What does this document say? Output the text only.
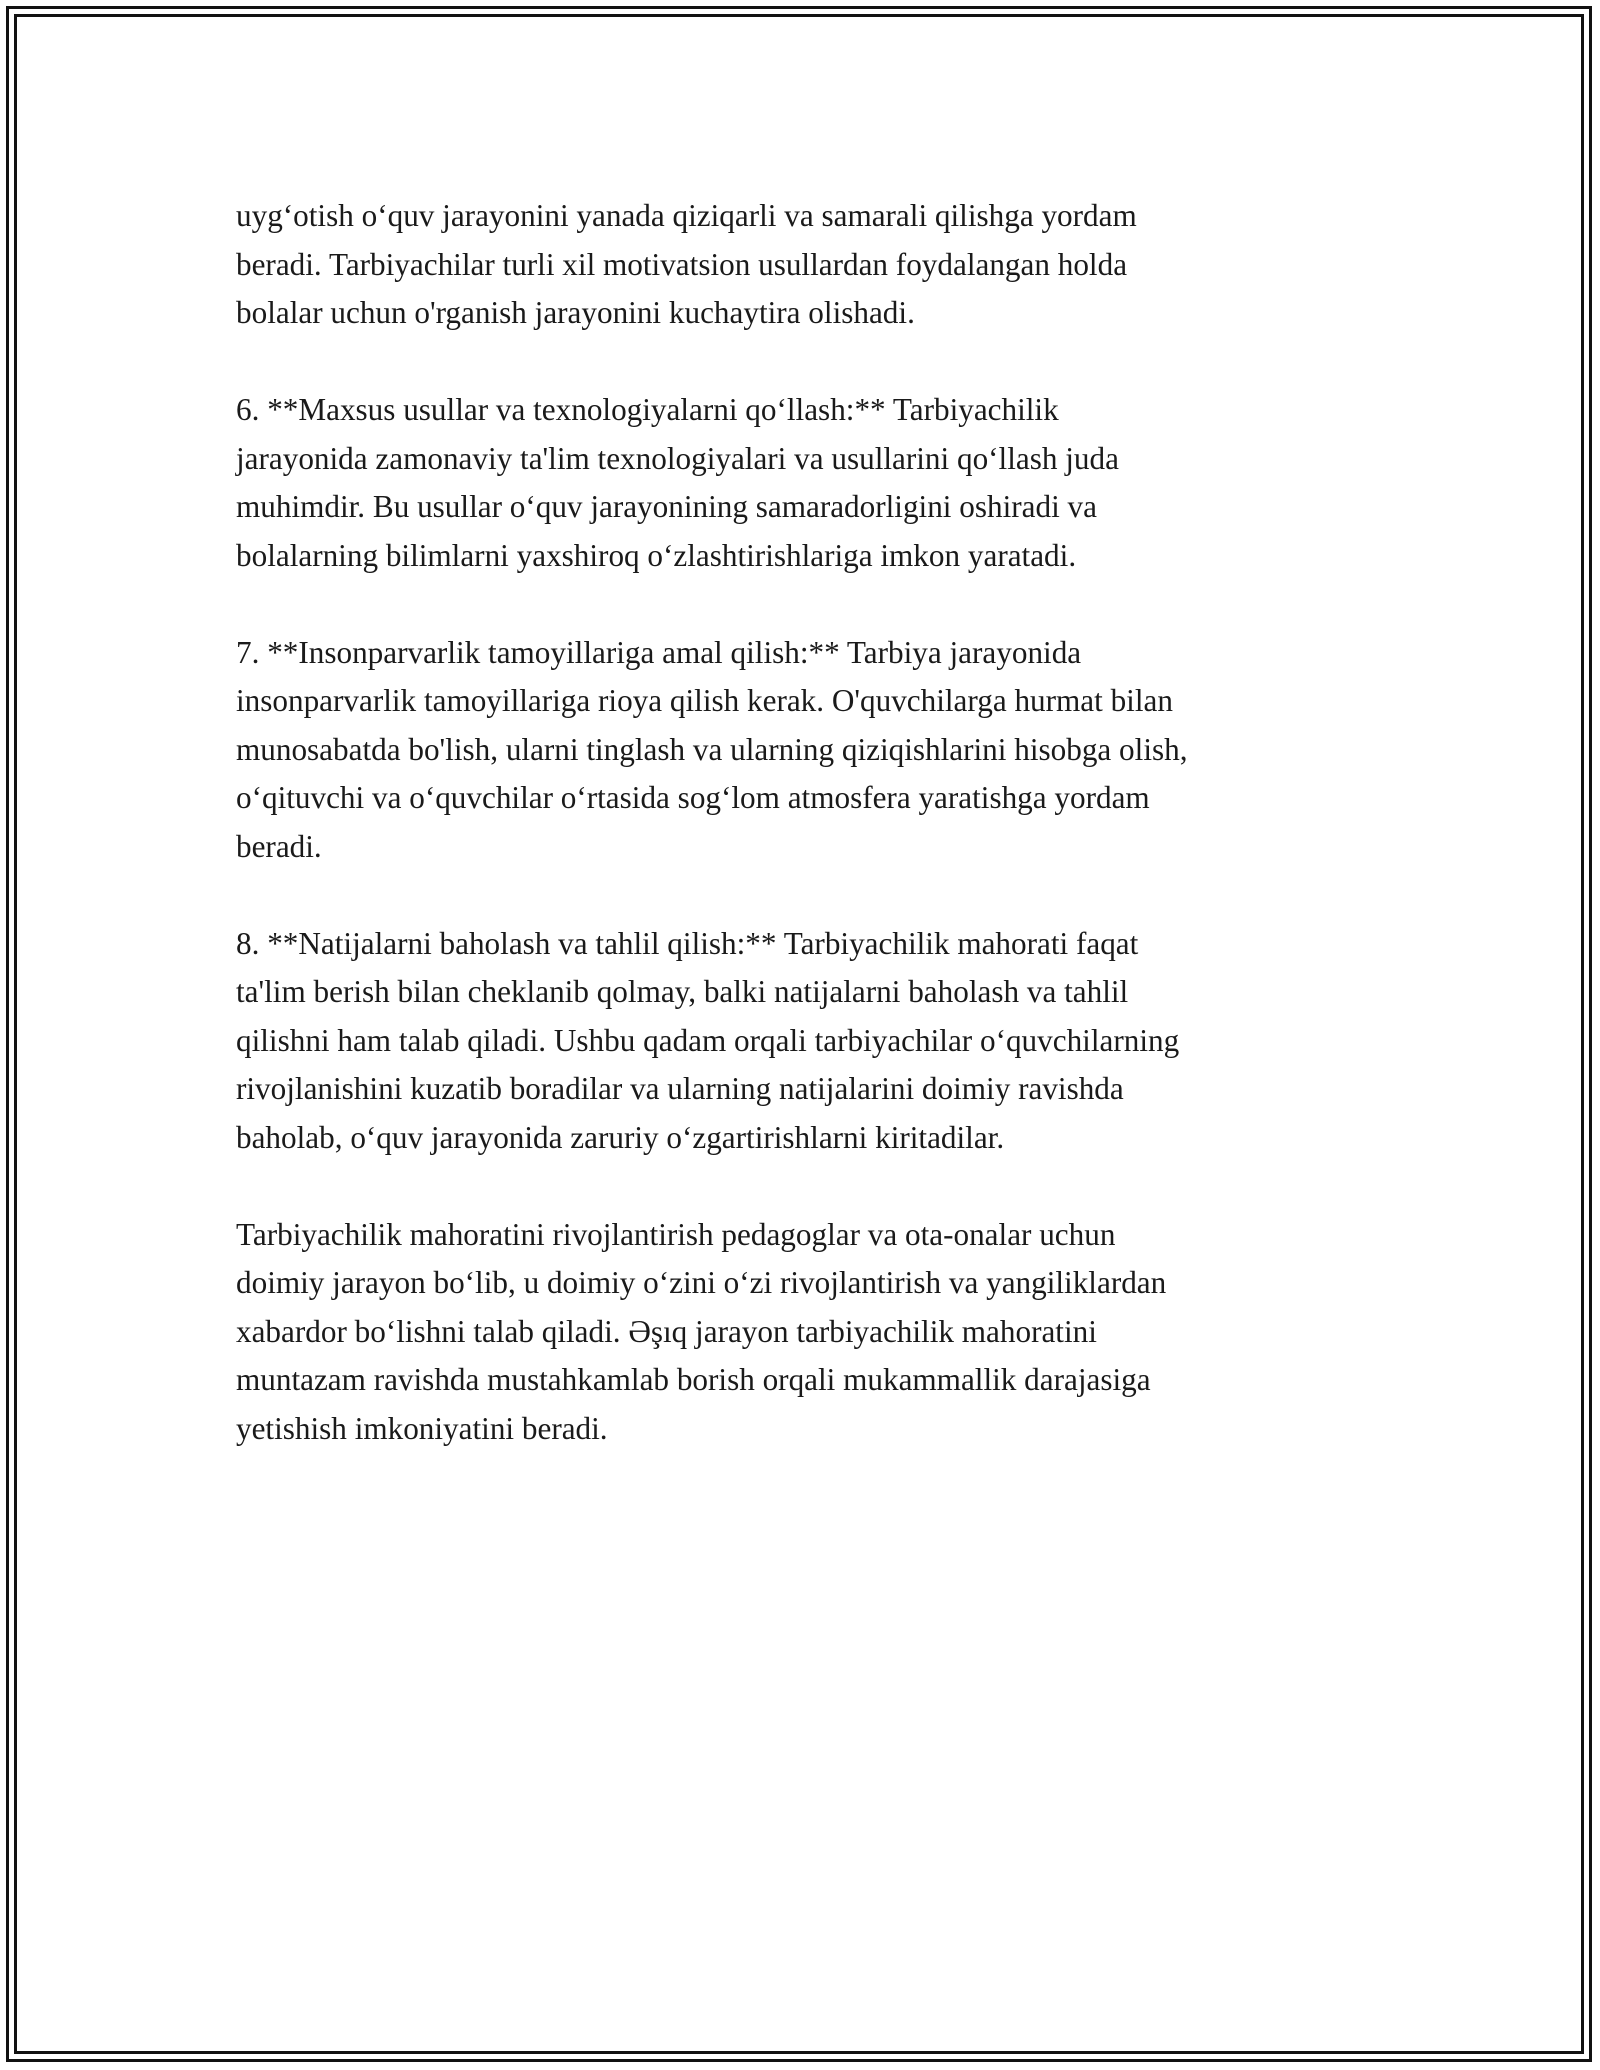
uyg‘otish o‘quv jarayonini yanada qiziqarli va samarali qilishga yordam
beradi. Tarbiyachilar turli xil motivatsion usullardan foydalangan holda
bolalar uchun o'rganish jarayonini kuchaytira olishadi.

6. **Maxsus usullar va texnologiyalarni qo‘llash:** Tarbiyachilik
jarayonida zamonaviy ta'lim texnologiyalari va usullarini qo‘llash juda
muhimdir. Bu usullar o‘quv jarayonining samaradorligini oshiradi va
bolalarning bilimlarni yaxshiroq o‘zlashtirishlariga imkon yaratadi.

7. **Insonparvarlik tamoyillariga amal qilish:** Tarbiya jarayonida
insonparvarlik tamoyillariga rioya qilish kerak. O'quvchilarga hurmat bilan
munosabatda bo'lish, ularni tinglash va ularning qiziqishlarini hisobga olish,
o‘qituvchi va o‘quvchilar o‘rtasida sog‘lom atmosfera yaratishga yordam
beradi.

8. **Natijalarni baholash va tahlil qilish:** Tarbiyachilik mahorati faqat
ta'lim berish bilan cheklanib qolmay, balki natijalarni baholash va tahlil
qilishni ham talab qiladi. Ushbu qadam orqali tarbiyachilar o‘quvchilarning
rivojlanishini kuzatib boradilar va ularning natijalarini doimiy ravishda
baholab, o‘quv jarayonida zaruriy o‘zgartirishlarni kiritadilar.

Tarbiyachilik mahoratini rivojlantirish pedagoglar va ota-onalar uchun
doimiy jarayon bo‘lib, u doimiy o‘zini o‘zi rivojlantirish va yangiliklardan
xabardor bo‘lishni talab qiladi. Əşıq jarayon tarbiyachilik mahoratini
muntazam ravishda mustahkamlab borish orqali mukammallik darajasiga
yetishish imkoniyatini beradi.
